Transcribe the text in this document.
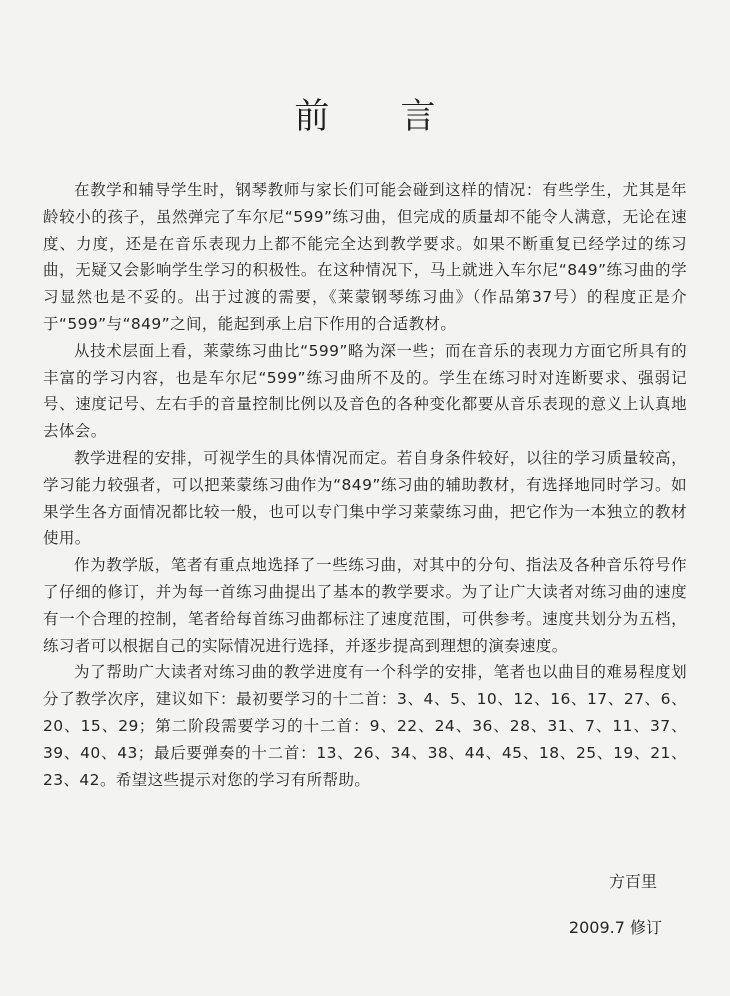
前 言

在教学和辅导学生时，钢琴教师与家长们可能会碰到这样的情况：有些学生，尤其是年龄较小的孩子，虽然弹完了车尔尼“599”练习曲，但完成的质量却不能令人满意，无论在速度、力度，还是在音乐表现力上都不能完全达到教学要求。如果不断重复已经学过的练习曲，无疑又会影响学生学习的积极性。在这种情况下，马上就进入车尔尼“849”练习曲的学习显然也是不妥的。出于过渡的需要，《莱蒙钢琴练习曲》（作品第37号）的程度正是介于“599”与“849”之间，能起到承上启下作用的合适教材。

从技术层面上看，莱蒙练习曲比“599”略为深一些；而在音乐的表现力方面它所具有的丰富的学习内容，也是车尔尼“599”练习曲所不及的。学生在练习时对连断要求、强弱记号、速度记号、左右手的音量控制比例以及音色的各种变化都要从音乐表现的意义上认真地去体会。

教学进程的安排，可视学生的具体情况而定。若自身条件较好，以往的学习质量较高，学习能力较强者，可以把莱蒙练习曲作为“849”练习曲的辅助教材，有选择地同时学习。如果学生各方面情况都比较一般，也可以专门集中学习莱蒙练习曲，把它作为一本独立的教材使用。

作为教学版，笔者有重点地选择了一些练习曲，对其中的分句、指法及各种音乐符号作了仔细的修订，并为每一首练习曲提出了基本的教学要求。为了让广大读者对练习曲的速度有一个合理的控制，笔者给每首练习曲都标注了速度范围，可供参考。速度共划分为五档，练习者可以根据自己的实际情况进行选择，并逐步提高到理想的演奏速度。

为了帮助广大读者对练习曲的教学进度有一个科学的安排，笔者也以曲目的难易程度划分了教学次序，建议如下：最初要学习的十二首：3、4、5、10、12、16、17、27、6、20、15、29；第二阶段需要学习的十二首：9、22、24、36、28、31、7、11、37、39、40、43；最后要弹奏的十二首：13、26、34、38、44、45、18、25、19、21、23、42。希望这些提示对您的学习有所帮助。

方百里
2009.7 修订
